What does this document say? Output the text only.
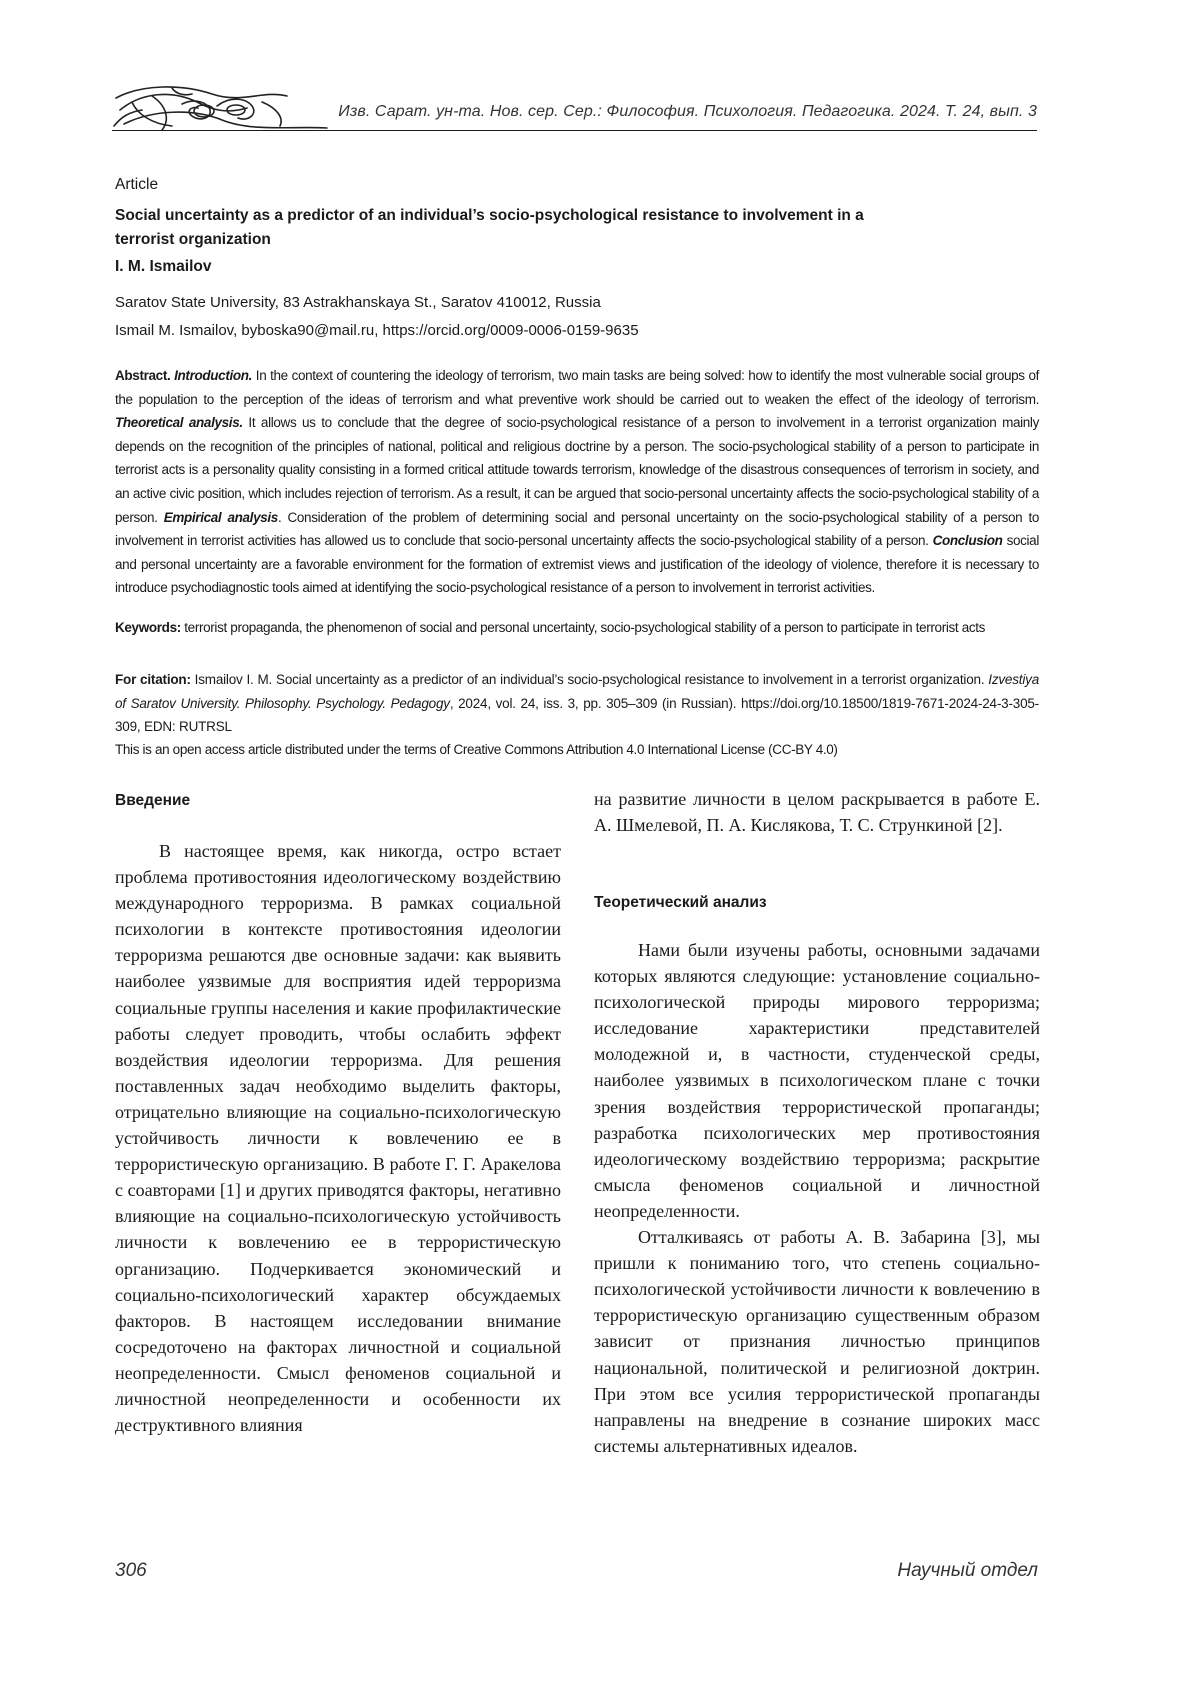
Изв. Сарат. ун-та. Нов. сер. Сер.: Философия. Психология. Педагогика. 2024. Т. 24, вып. 3
Article
Social uncertainty as a predictor of an individual’s socio-psychological resistance to involvement in a terrorist organization
I. M. Ismailov
Saratov State University, 83 Astrakhanskaya St., Saratov 410012, Russia
Ismail M. Ismailov, byboska90@mail.ru, https://orcid.org/0009-0006-0159-9635
Abstract. Introduction. In the context of countering the ideology of terrorism, two main tasks are being solved: how to identify the most vulnerable social groups of the population to the perception of the ideas of terrorism and what preventive work should be carried out to weaken the effect of the ideology of terrorism. Theoretical analysis. It allows us to conclude that the degree of socio-psychological resistance of a person to involvement in a terrorist organization mainly depends on the recognition of the principles of national, political and religious doctrine by a person. The socio-psychological stability of a person to participate in terrorist acts is a personality quality consisting in a formed critical attitude towards terrorism, knowledge of the disastrous consequences of terrorism in society, and an active civic position, which includes rejection of terrorism. As a result, it can be argued that socio-personal uncertainty affects the socio-psychological stability of a person. Empirical analysis. Consideration of the problem of determining social and personal uncertainty on the socio-psychological stability of a person to involvement in terrorist activities has allowed us to conclude that socio-personal uncertainty affects the socio-psychological stability of a person. Conclusion social and personal uncertainty are a favorable environment for the formation of extremist views and justification of the ideology of violence, therefore it is necessary to introduce psychodiagnostic tools aimed at identifying the socio-psychological resistance of a person to involvement in terrorist activities.
Keywords: terrorist propaganda, the phenomenon of social and personal uncertainty, socio-psychological stability of a person to participate in terrorist acts
For citation: Ismailov I. M. Social uncertainty as a predictor of an individual’s socio-psychological resistance to involvement in a terrorist organization. Izvestiya of Saratov University. Philosophy. Psychology. Pedagogy, 2024, vol. 24, iss. 3, pp. 305–309 (in Russian). https://doi.org/10.18500/1819-7671-2024-24-3-305-309, EDN: RUTRSL
This is an open access article distributed under the terms of Creative Commons Attribution 4.0 International License (CC-BY 4.0)
Введение

В настоящее время, как никогда, остро встает проблема противостояния идеологическому воздействию международного терроризма. В рамках социальной психологии в контексте противостояния идеологии терроризма решаются две основные задачи: как выявить наиболее уязвимые для восприятия идей терроризма социальные группы населения и какие профилактические работы следует проводить, чтобы ослабить эффект воздействия идеологии терроризма. Для решения поставленных задач необходимо выделить факторы, отрицательно влияющие на социально-психологическую устойчивость личности к вовлечению ее в террористическую организацию. В работе Г. Г. Аракелова с соавторами [1] и других приводятся факторы, негативно влияющие на социально-психологическую устойчивость личности к вовлечению ее в террористическую организацию. Подчеркивается экономический и социально-психологический характер обсуждаемых факторов. В настоящем исследовании внимание сосредоточено на факторах личностной и социальной неопределенности. Смысл феноменов социальной и личностной неопределенности и особенности их деструктивного влияния

на развитие личности в целом раскрывается в работе Е. А. Шмелевой, П. А. Кислякова, Т. С. Стрункиной [2].

Теоретический анализ

Нами были изучены работы, основными задачами которых являются следующие: установление социально-психологической природы мирового терроризма; исследование характеристики представителей молодежной и, в частности, студенческой среды, наиболее уязвимых в психологическом плане с точки зрения воздействия террористической пропаганды; разработка психологических мер противостояния идеологическому воздействию терроризма; раскрытие смысла феноменов социальной и личностной неопределенности.

Отталкиваясь от работы А. В. Забарина [3], мы пришли к пониманию того, что степень социально-психологической устойчивости личности к вовлечению в террористическую организацию существенным образом зависит от признания личностью принципов национальной, политической и религиозной доктрин. При этом все усилия террористической пропаганды направлены на внедрение в сознание широких масс системы альтернативных идеалов.

306	Научный отдел
